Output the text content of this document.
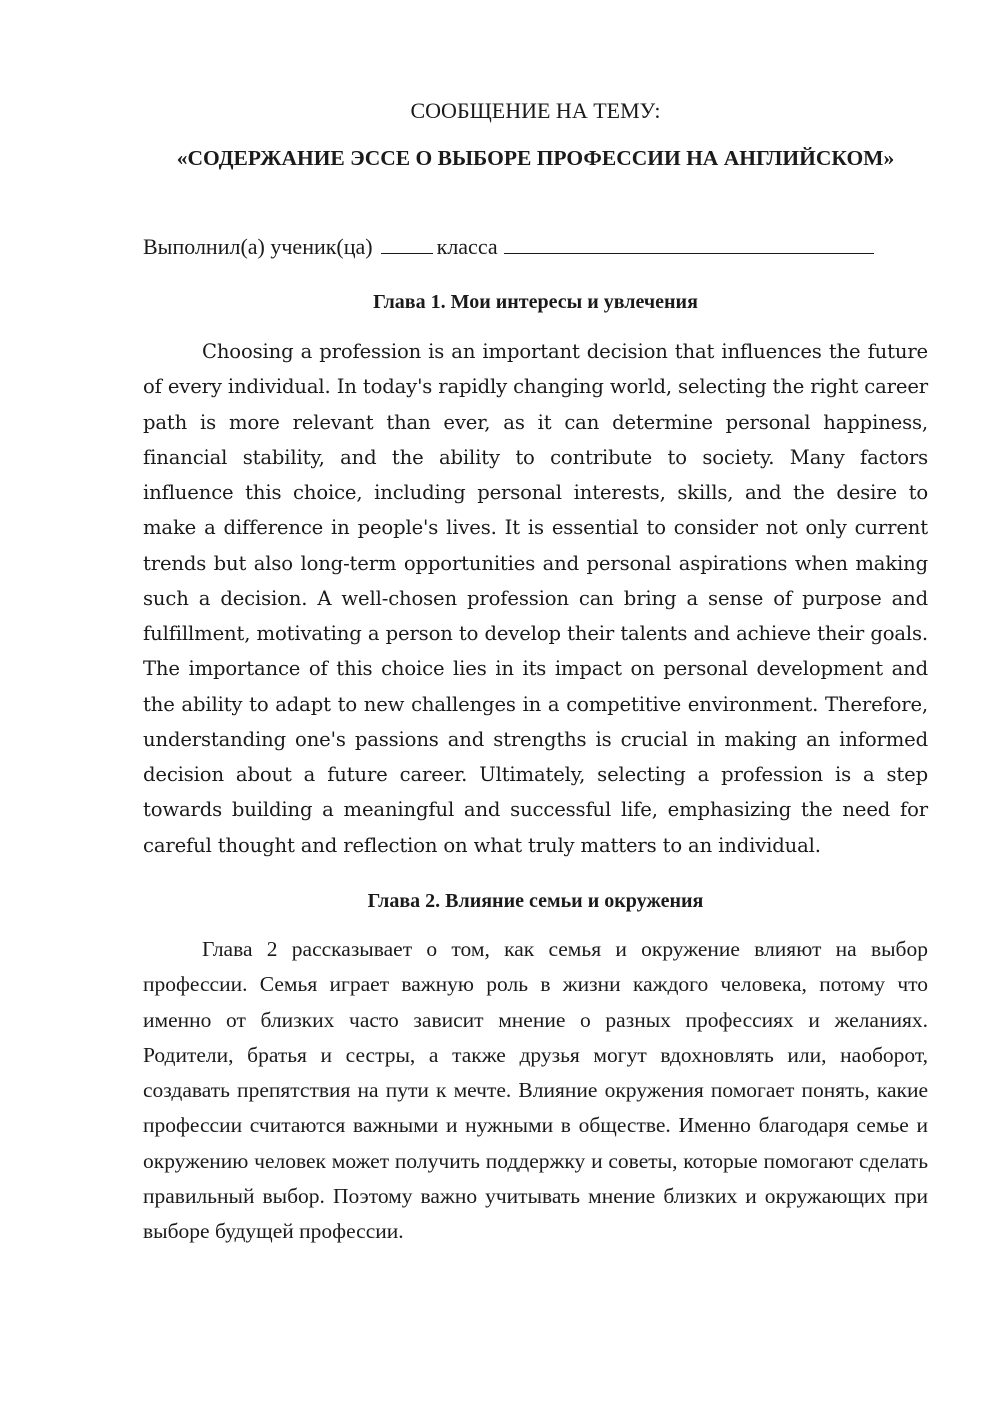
СООБЩЕНИЕ НА ТЕМУ:
«СОДЕРЖАНИЕ ЭССЕ О ВЫБОРЕ ПРОФЕССИИ НА АНГЛИЙСКОМ»
Выполнил(а) ученик(ца)	класса
Глава 1. Мои интересы и увлечения

Choosing a profession is an important decision that influences the future of every individual. In today's rapidly changing world, selecting the right career path is more relevant than ever, as it can determine personal happiness, financial stability, and the ability to contribute to society. Many factors influence this choice, including personal interests, skills, and the desire to make a difference in people's lives. It is essential to consider not only current trends but also long-term opportunities and personal aspirations when making such a decision. A well-chosen profession can bring a sense of purpose and fulfillment, motivating a person to develop their talents and achieve their goals. The importance of this choice lies in its impact on personal development and the ability to adapt to new challenges in a competitive environment. Therefore, understanding one's passions and strengths is crucial in making an informed decision about a future career. Ultimately, selecting a profession is a step towards building a meaningful and successful life, emphasizing the need for careful thought and reflection on what truly matters to an individual.

Глава 2. Влияние семьи и окружения

Глава 2 рассказывает о том, как семья и окружение влияют на выбор профессии. Семья играет важную роль в жизни каждого человека, потому что именно от близких часто зависит мнение о разных профессиях и желаниях. Родители, братья и сестры, а также друзья могут вдохновлять или, наоборот, создавать препятствия на пути к мечте. Влияние окружения помогает понять, какие профессии считаются важными и нужными в обществе. Именно благодаря семье и окружению человек может получить поддержку и советы, которые помогают сделать правильный выбор. Поэтому важно учитывать мнение близких и окружающих при выборе будущей профессии.
